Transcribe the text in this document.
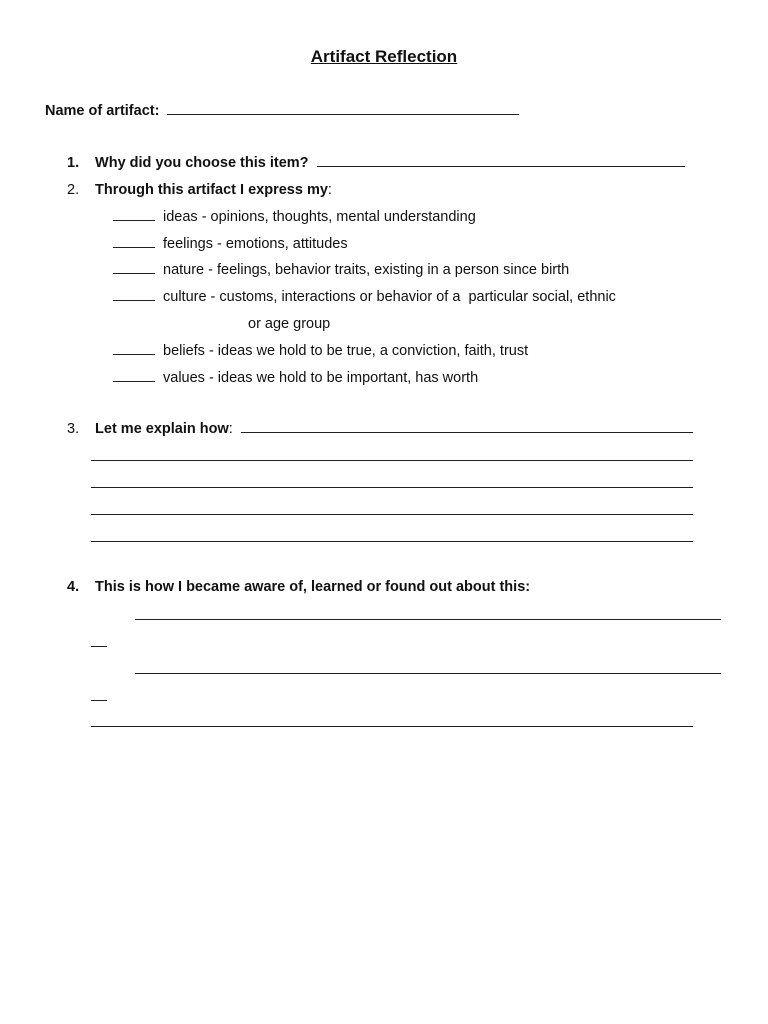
Artifact Reflection
Name of artifact:
1. Why did you choose this item?
2. Through this artifact I express my:
ideas - opinions, thoughts, mental understanding
feelings - emotions, attitudes
nature - feelings, behavior traits, existing in a person since birth
culture - customs, interactions or behavior of a  particular social, ethnic
or age group
beliefs - ideas we hold to be true, a conviction, faith, trust
values - ideas we hold to be important, has worth
3. Let me explain how:
4. This is how I became aware of, learned or found out about this:
